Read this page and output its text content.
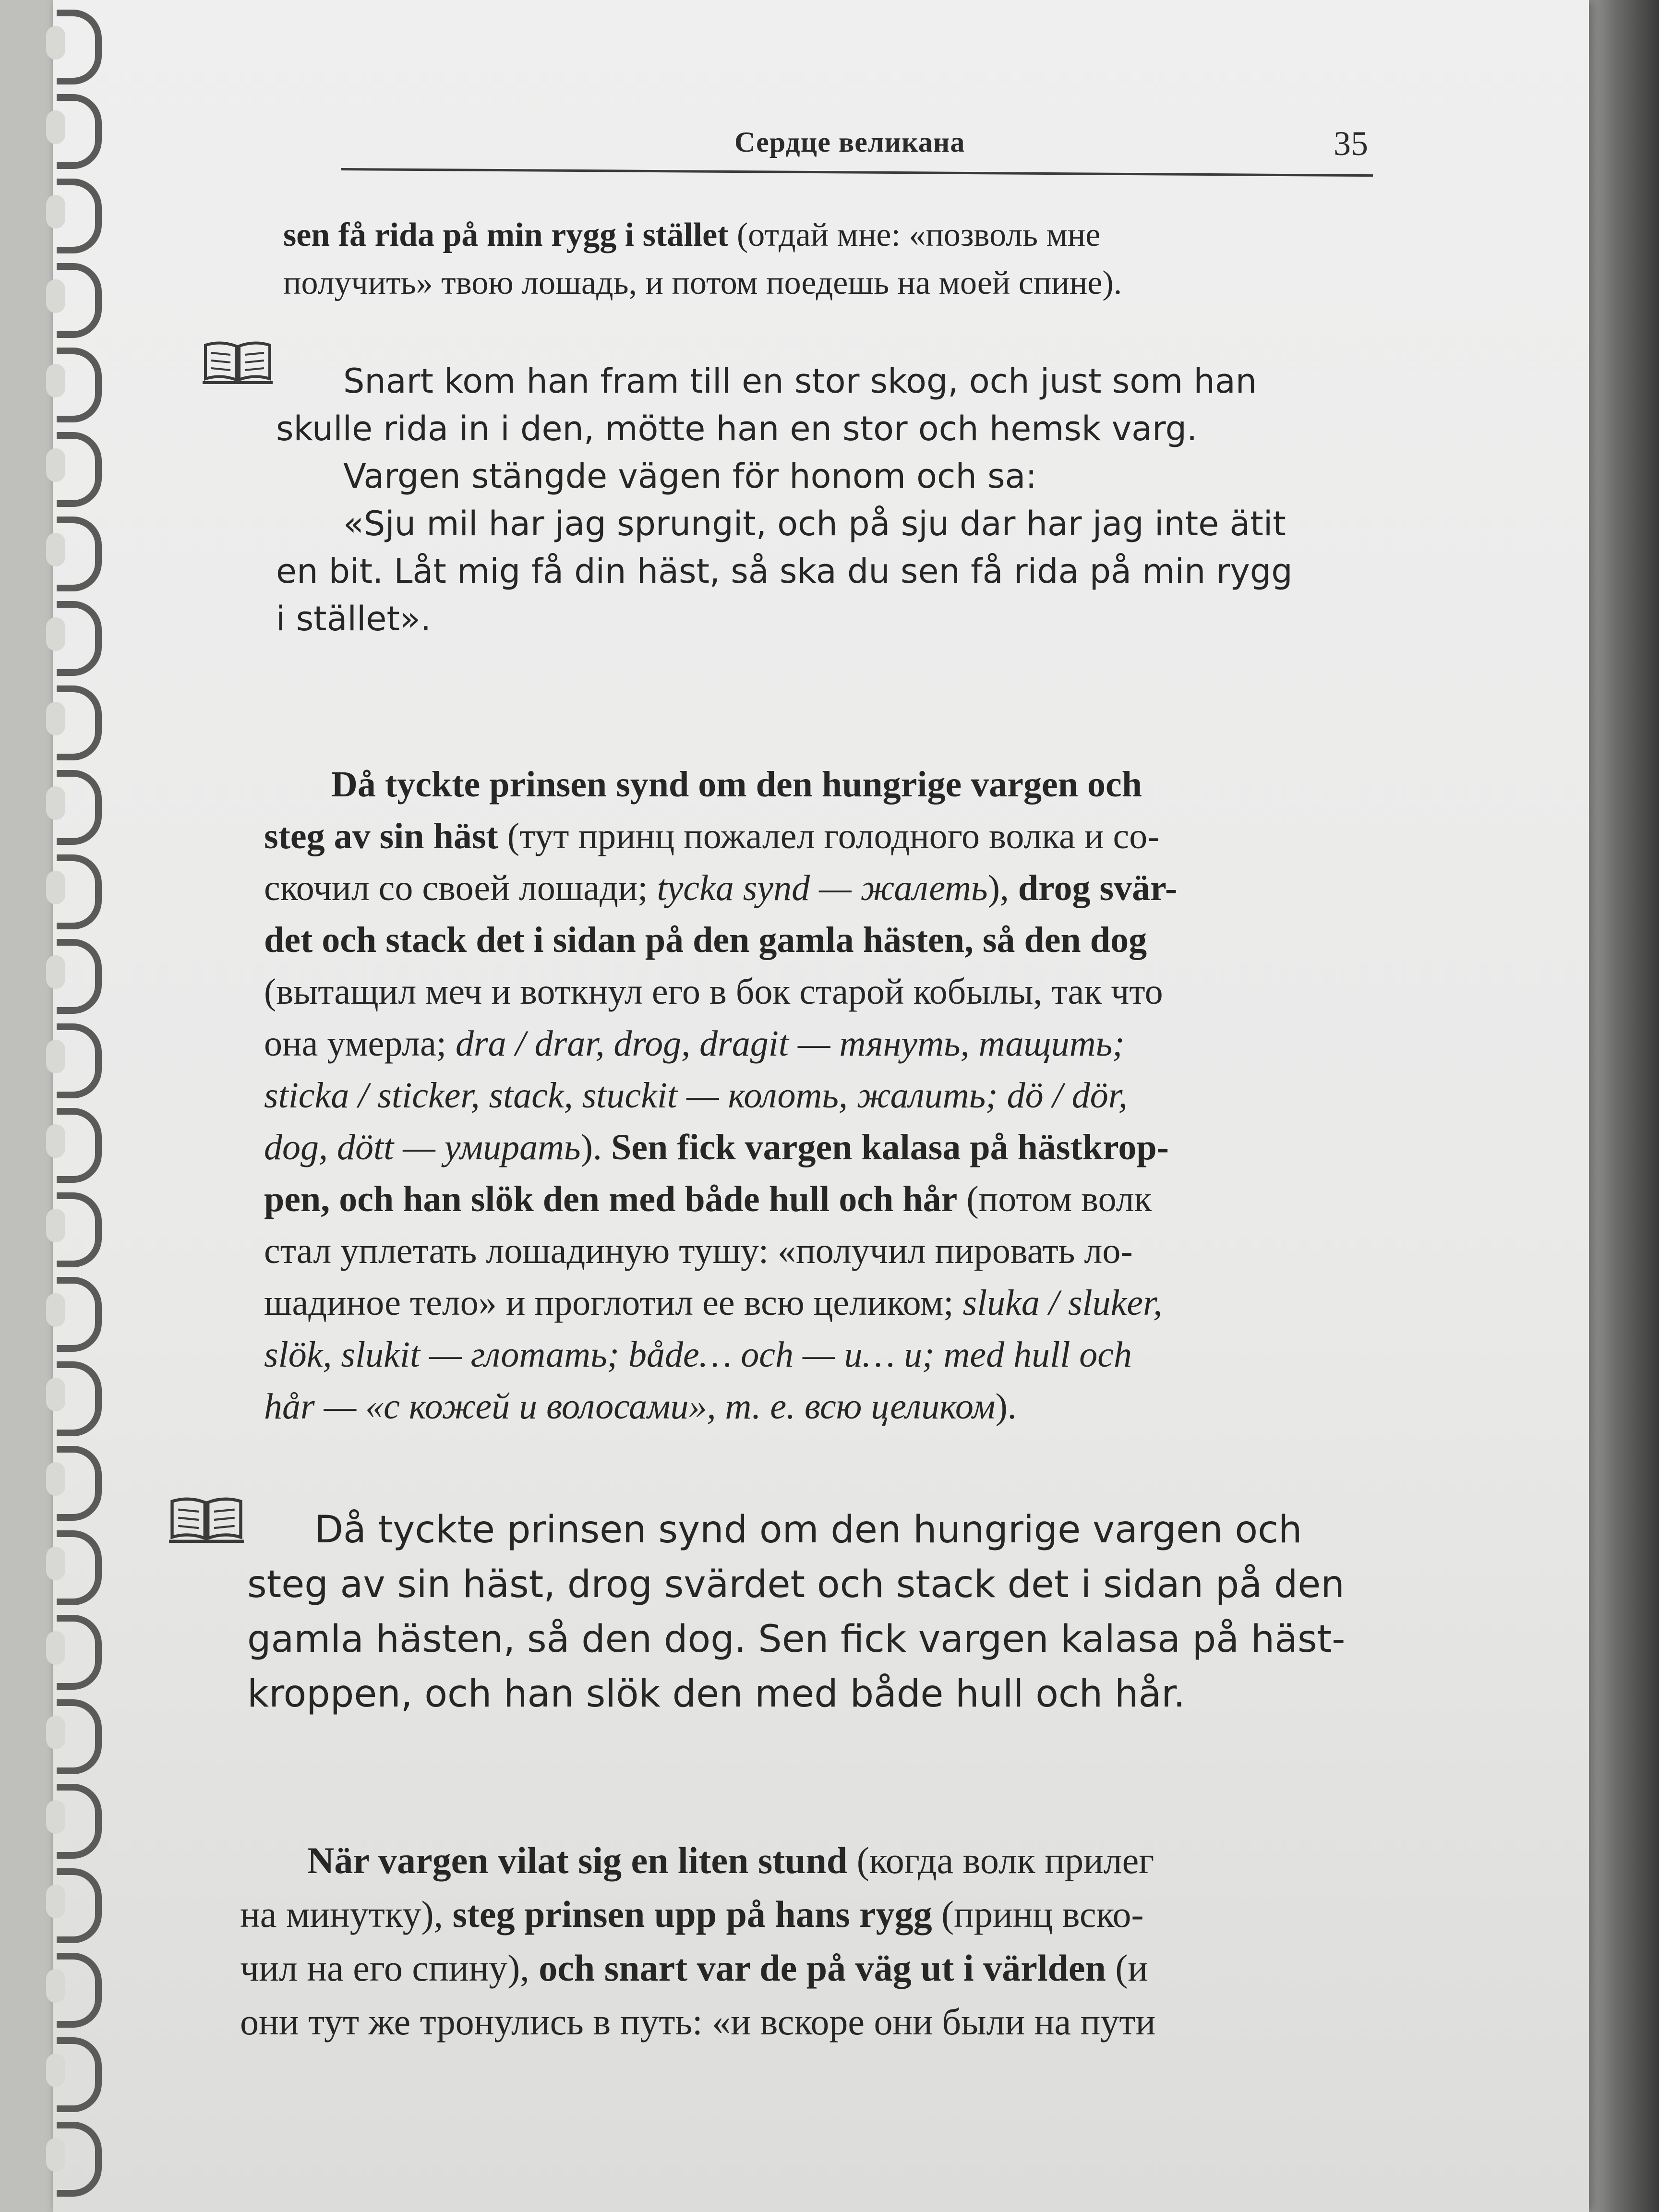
Сердце великана	35
sen få rida på min rygg i stället (отдай мне: «позволь мне
получить» твою лошадь, и потом поедешь на моей спине).
Snart kom han fram till en stor skog, och just som han
skulle rida in i den, mötte han en stor och hemsk varg.
Vargen stängde vägen för honom och sa:
«Sju mil har jag sprungit, och på sju dar har jag inte ätit
en bit. Låt mig få din häst, så ska du sen få rida på min rygg
i stället».
Då tyckte prinsen synd om den hungrige vargen och
steg av sin häst (тут принц пожалел голодного волка и со-
скочил со своей лошади; tycka synd — жалеть), drog svär-
det och stack det i sidan på den gamla hästen, så den dog
(вытащил меч и воткнул его в бок старой кобылы, так что
она умерла; dra / drar, drog, dragit — тянуть, тащить;
sticka / sticker, stack, stuckit — колоть, жалить; dö / dör,
dog, dött — умирать). Sen fick vargen kalasa på hästkrop-
pen, och han slök den med både hull och hår (потом волк
стал уплетать лошадиную тушу: «получил пировать ло-
шадиное тело» и проглотил ее всю целиком; sluka / sluker,
slök, slukit — глотать; både… och — и… и; med hull och
hår — «с кожей и волосами», т. е. всю целиком).
Då tyckte prinsen synd om den hungrige vargen och
steg av sin häst, drog svärdet och stack det i sidan på den
gamla hästen, så den dog. Sen fick vargen kalasa på häst-
kroppen, och han slök den med både hull och hår.
När vargen vilat sig en liten stund (когда волк прилег
на минутку), steg prinsen upp på hans rygg (принц вско-
чил на его спину), och snart var de på väg ut i världen (и
они тут же тронулись в путь: «и вскоре они были на пути
